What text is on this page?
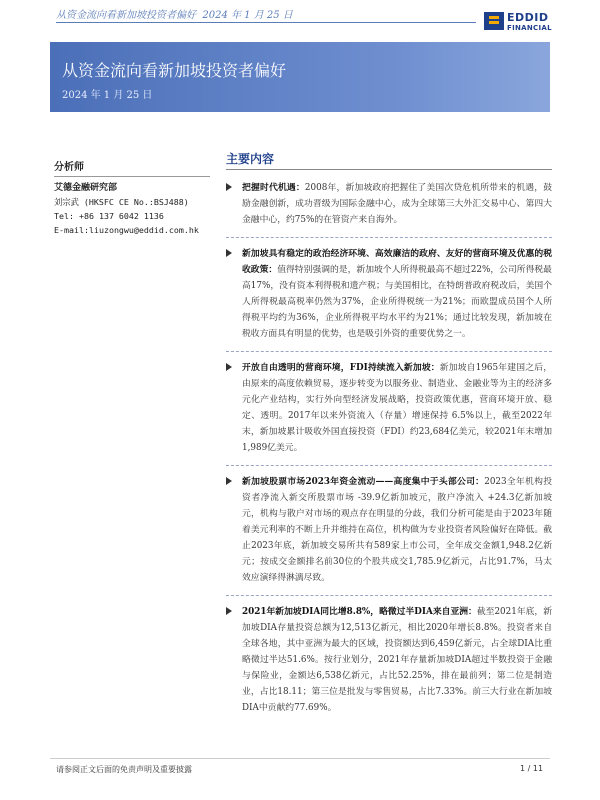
从资金流向看新加坡投资者偏好 2024 年 1 月 25 日	EDDID
FINANCIAL
从资金流向看新加坡投资者偏好
2024 年 1 月 25 日
分析师
艾德金融研究部
刘宗武 (HKSFC CE No.:BSJ488)
Tel: +86 137 6042 1136
E-mail:liuzongwu@eddid.com.hk
主要内容
把握时代机遇：2008年，新加坡政府把握住了美国次贷危机所带来的机遇，鼓励金融创新，成功晋级为国际金融中心，成为全球第三大外汇交易中心、第四大金融中心，约75%的在管资产来自海外。
新加坡具有稳定的政治经济环境、高效廉洁的政府、友好的营商环境及优惠的税收政策：值得特别强调的是，新加坡个人所得税最高不超过22%，公司所得税最高17%，没有资本利得税和遗产税；与美国相比，在特朗普政府税改后，美国个人所得税最高税率仍然为37%，企业所得税统一为21%；而欧盟成员国个人所得税平均约为36%，企业所得税平均水平约为21%；通过比较发现，新加坡在税收方面具有明显的优势，也是吸引外资的重要优势之一。
开放自由透明的营商环境，FDI持续流入新加坡：新加坡自1965年建国之后，由原来的高度依赖贸易，逐步转变为以服务业、制造业、金融业等为主的经济多元化产业结构，实行外向型经济发展战略，投资政策优惠，营商环境开放、稳定、透明。2017年以来外资流入（存量）增速保持 6.5%以上，截至2022年末，新加坡累计吸收外国直接投资（FDI）约23,684亿美元，较2021年末增加1,989亿美元。
新加坡股票市场2023年资金流动——高度集中于头部公司：2023全年机构投资者净流入新交所股票市场 -39.9亿新加坡元，散户净流入 +24.3亿新加坡元，机构与散户对市场的观点存在明显的分歧，我们分析可能是由于2023年随着美元利率的不断上升并维持在高位，机构做为专业投资者风险偏好在降低。截止2023年底，新加坡交易所共有589家上市公司，全年成交金额1,948.2亿新元；按成交金额排名前30位的个股共成交1,785.9亿新元，占比91.7%，马太效应演绎得淋漓尽致。
2021年新加坡DIA同比增8.8%，略微过半DIA来自亚洲：截至2021年底，新加坡DIA存量投资总额为12,513亿新元，相比2020年增长8.8%。投资者来自全球各地，其中亚洲为最大的区域，投资额达到6,459亿新元，占全球DIA比重略微过半达51.6%。按行业划分，2021年存量新加坡DIA超过半数投资于金融与保险业，金额达6,538亿新元，占比52.25%，排在最前列；第二位是制造业，占比18.11；第三位是批发与零售贸易，占比7.33%。前三大行业在新加坡DIA中贡献约77.69%。
请参阅正文后面的免责声明及重要披露	1 / 11
